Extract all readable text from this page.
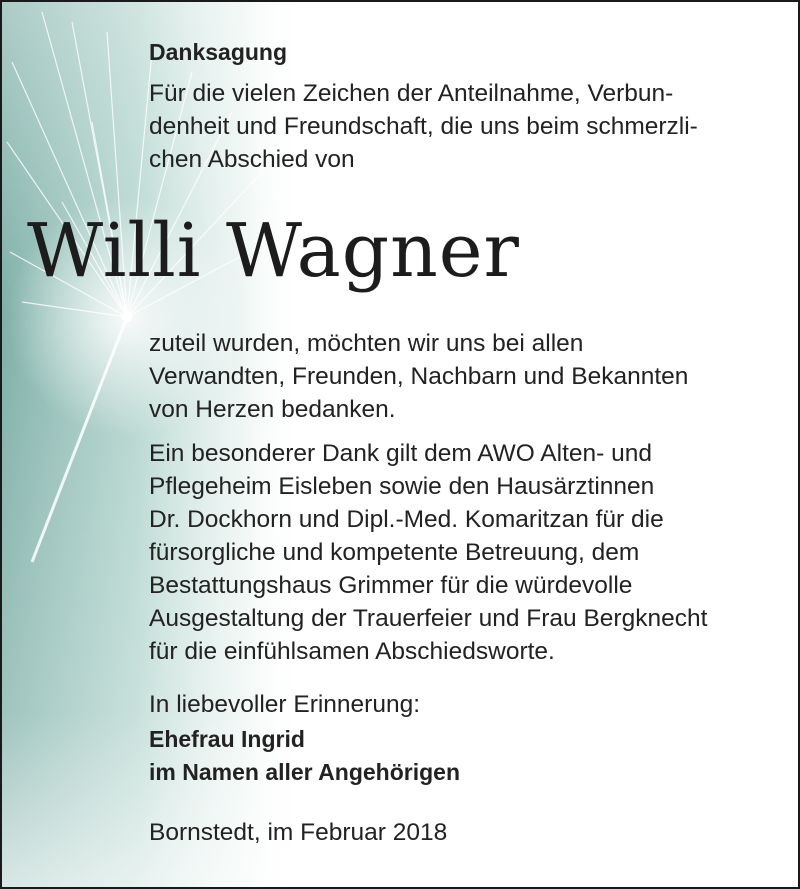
Danksagung

Für die vielen Zeichen der Anteilnahme, Verbun-

denheit und Freundschaft, die uns beim schmerzli-

chen Abschied von

Willi Wagner

zuteil wurden, möchten wir uns bei allen

Verwandten, Freunden, Nachbarn und Bekannten

von Herzen bedanken.

Ein besonderer Dank gilt dem AWO Alten- und

Pflegeheim Eisleben sowie den Hausärztinnen

Dr. Dockhorn und Dipl.-Med. Komaritzan für die

fürsorgliche und kompetente Betreuung, dem

Bestattungshaus Grimmer für die würdevolle

Ausgestaltung der Trauerfeier und Frau Bergknecht

für die einfühlsamen Abschiedsworte.

In liebevoller Erinnerung:

Ehefrau Ingrid

im Namen aller Angehörigen

Bornstedt, im Februar 2018
